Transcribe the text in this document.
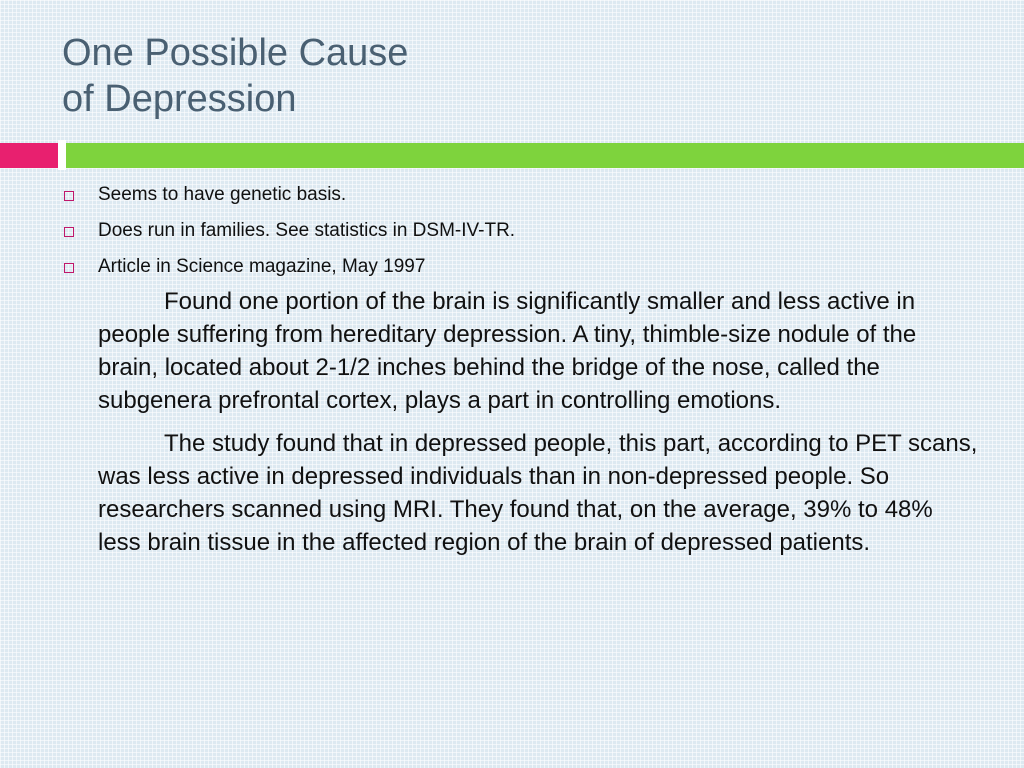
One Possible Cause
of Depression
Seems to have genetic basis.
Does run in families. See statistics in DSM-IV-TR.
Article in Science magazine, May 1997

Found one portion of the brain is significantly smaller and less active in people suffering from hereditary depression. A tiny, thimble-size nodule of the brain, located about 2-1/2 inches behind the bridge of the nose, called the subgenera prefrontal cortex, plays a part in controlling emotions.

The study found that in depressed people, this part, according to PET scans, was less active in depressed individuals than in non-depressed people. So researchers scanned using MRI. They found that, on the average, 39% to 48% less brain tissue in the affected region of the brain of depressed patients.
